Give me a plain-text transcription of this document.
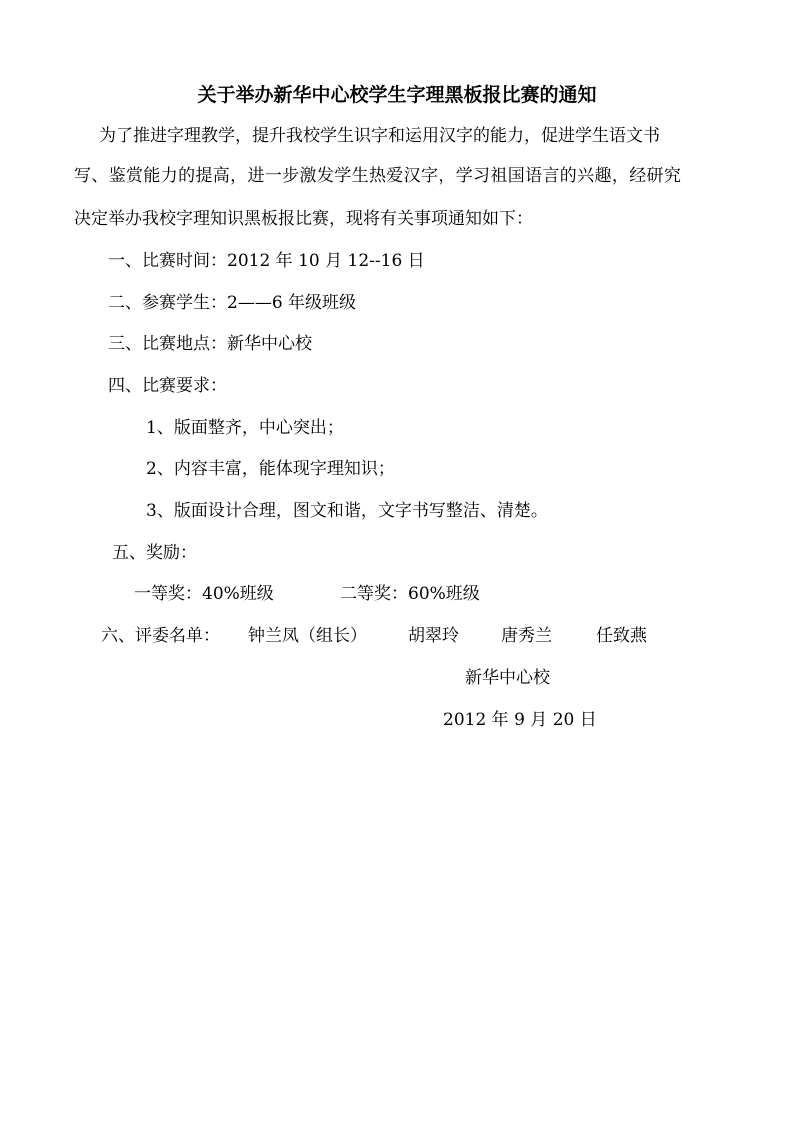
关于举办新华中心校学生字理黑板报比赛的通知
为了推进字理教学，提升我校学生识字和运用汉字的能力，促进学生语文书
写、鉴赏能力的提高，进一步激发学生热爱汉字，学习祖国语言的兴趣，经研究
决定举办我校字理知识黑板报比赛，现将有关事项通知如下：
一、比赛时间：2012 年 10 月 12--16 日
二、参赛学生：2——6 年级班级
三、比赛地点：新华中心校
四、比赛要求：
1、版面整齐，中心突出；
2、内容丰富，能体现字理知识；
3、版面设计合理，图文和谐，文字书写整洁、清楚。
五、奖励：
一等奖：40%班级	二等奖：60%班级
六、评委名单： 钟兰凤（组长） 胡翠玲 唐秀兰	任致燕
新华中心校
2012 年 9 月 20 日
